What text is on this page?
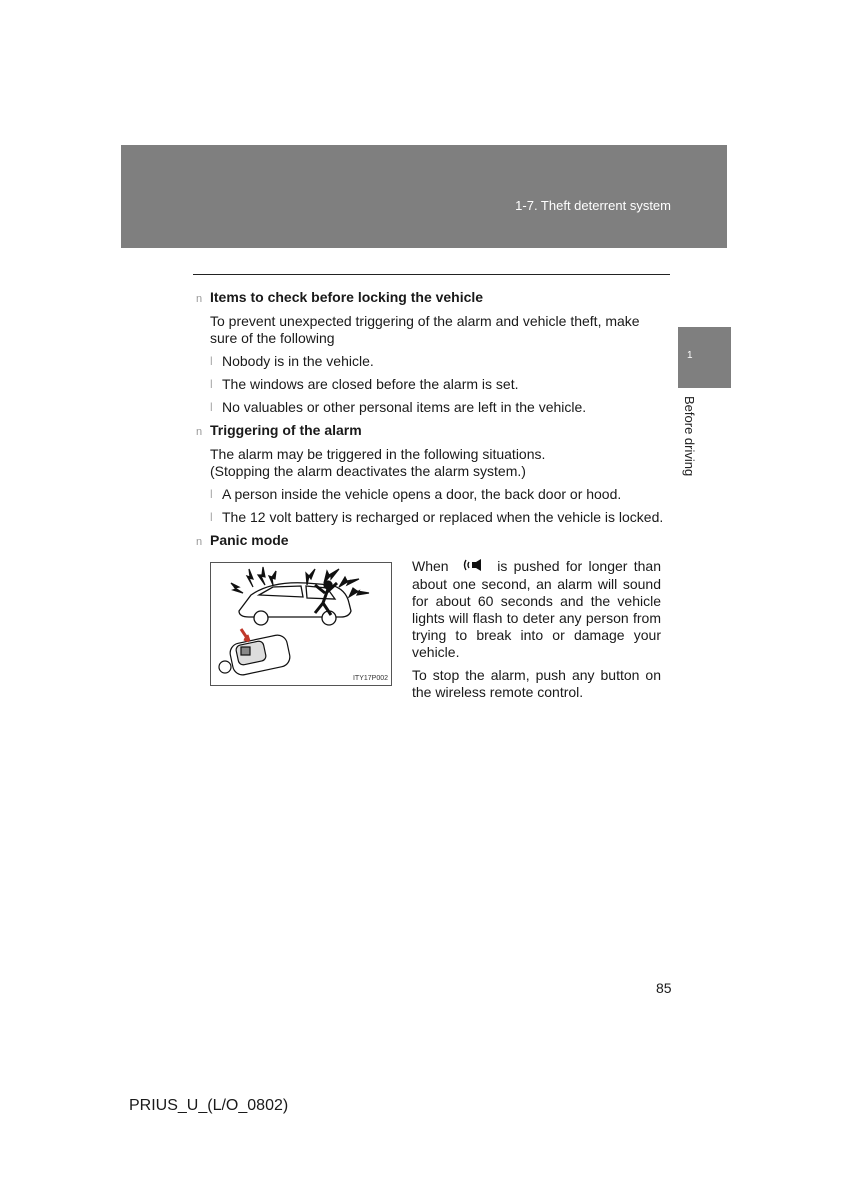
1-7. Theft deterrent system
1
Before driving
n Items to check before locking the vehicle
To prevent unexpected triggering of the alarm and vehicle theft, make sure of the following
l Nobody is in the vehicle.
l The windows are closed before the alarm is set.
l No valuables or other personal items are left in the vehicle.
n Triggering of the alarm
The alarm may be triggered in the following situations.
(Stopping the alarm deactivates the alarm system.)
l A person inside the vehicle opens a door, the back door or hood.
l The 12 volt battery is recharged or replaced when the vehicle is locked.
n Panic mode
ITY17P002

When	is pushed for longer than about one second, an alarm will sound for about 60 seconds and the vehicle lights will flash to deter any person from trying to break into or damage your vehicle.

To stop the alarm, push any button on the wireless remote control.

85
PRIUS_U_(L/O_0802)
